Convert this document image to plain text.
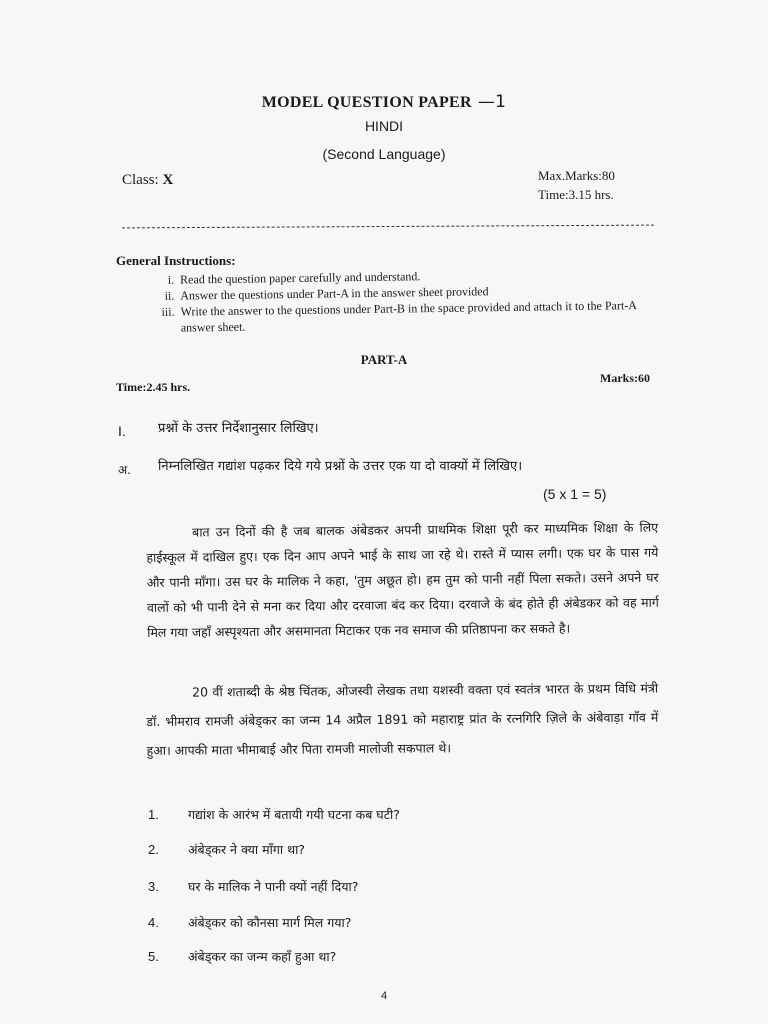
MODEL QUESTION PAPER —1
HINDI
(Second Language)
Class: X	Max.Marks:80
Time:3.15 hrs.
General Instructions:
i. Read the question paper carefully and understand.
ii. Answer the questions under Part-A in the answer sheet provided
iii. Write the answer to the questions under Part-B in the space provided and attach it to the Part-A answer sheet.
PART-A
Marks:60
Time:2.45 hrs.
I. प्रश्नों के उत्तर निर्देशानुसार लिखिए।
अ. निम्नलिखित गद्यांश पढ़कर दिये गये प्रश्नों के उत्तर एक या दो वाक्यों में लिखिए।
(5 x 1 = 5)
बात उन दिनों की है जब बालक अंबेडकर अपनी प्राथमिक शिक्षा पूरी कर माध्यमिक शिक्षा के लिए हाईस्कूल में दाखिल हुए। एक दिन आप अपने भाई के साथ जा रहे थे। रास्ते में प्यास लगी। एक घर के पास गये और पानी माँगा। उस घर के मालिक ने कहा, 'तुम अछूत हो। हम तुम को पानी नहीं पिला सकते। उसने अपने घर वालों को भी पानी देने से मना कर दिया और दरवाजा बंद कर दिया। दरवाजे के बंद होते ही अंबेडकर को वह मार्ग मिल गया जहाँ अस्पृश्यता और असमानता मिटाकर एक नव समाज की प्रतिष्ठापना कर सकते है।
20 वीं शताब्दी के श्रेष्ठ चिंतक, ओजस्वी लेखक तथा यशस्वी वक्ता एवं स्वतंत्र भारत के प्रथम विधि मंत्री डॉ. भीमराव रामजी अंबेड्कर का जन्म 14 अप्रैल 1891 को महाराष्ट्र प्रांत के रत्नगिरि ज़िले के अंबेवाड़ा गाँव में हुआ। आपकी माता भीमाबाई और पिता रामजी मालोजी सकपाल थे।
1. गद्यांश के आरंभ में बतायी गयी घटना कब घटी?
2. अंबेड्कर ने क्या माँगा था?
3. घर के मालिक ने पानी क्यों नहीं दिया?
4. अंबेड्कर को कौनसा मार्ग मिल गया?
5. अंबेड्कर का जन्म कहाँ हुआ था?
4
